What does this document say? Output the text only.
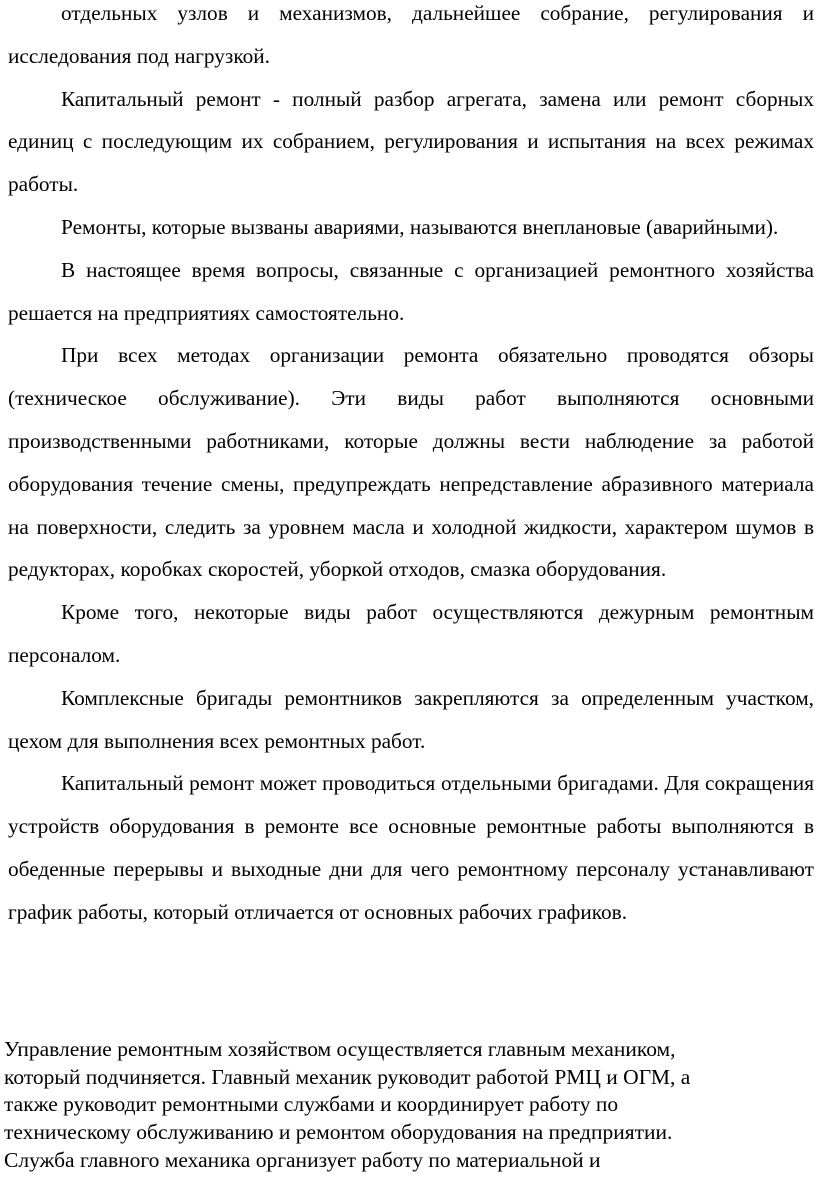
отдельных узлов и механизмов, дальнейшее собрание, регулирования и исследования под нагрузкой.

Капитальный ремонт - полный разбор агрегата, замена или ремонт сборных единиц с последующим их собранием, регулирования и испытания на всех режимах работы.

Ремонты, которые вызваны авариями, называются внеплановые (аварийными).

В настоящее время вопросы, связанные с организацией ремонтного хозяйства решается на предприятиях самостоятельно.

При всех методах организации ремонта обязательно проводятся обзоры (техническое обслуживание). Эти виды работ выполняются основными производственными работниками, которые должны вести наблюдение за работой оборудования течение смены, предупреждать непредставление абразивного материала на поверхности, следить за уровнем масла и холодной жидкости, характером шумов в редукторах, коробках скоростей, уборкой отходов, смазка оборудования.

Кроме того, некоторые виды работ осуществляются дежурным ремонтным персоналом.

Комплексные бригады ремонтников закрепляются за определенным участком, цехом для выполнения всех ремонтных работ.

Капитальный ремонт может проводиться отдельными бригадами. Для сокращения устройств оборудования в ремонте все основные ремонтные работы выполняются в обеденные перерывы и выходные дни для чего ремонтному персоналу устанавливают график работы, который отличается от основных рабочих графиков.

Управление ремонтным хозяйством осуществляется главным механиком,
который подчиняется. Главный механик руководит работой РМЦ и ОГМ, а
также руководит ремонтными службами и координирует работу по
техническому обслуживанию и ремонтом оборудования на предприятии.
Служба главного механика организует работу по материальной и
